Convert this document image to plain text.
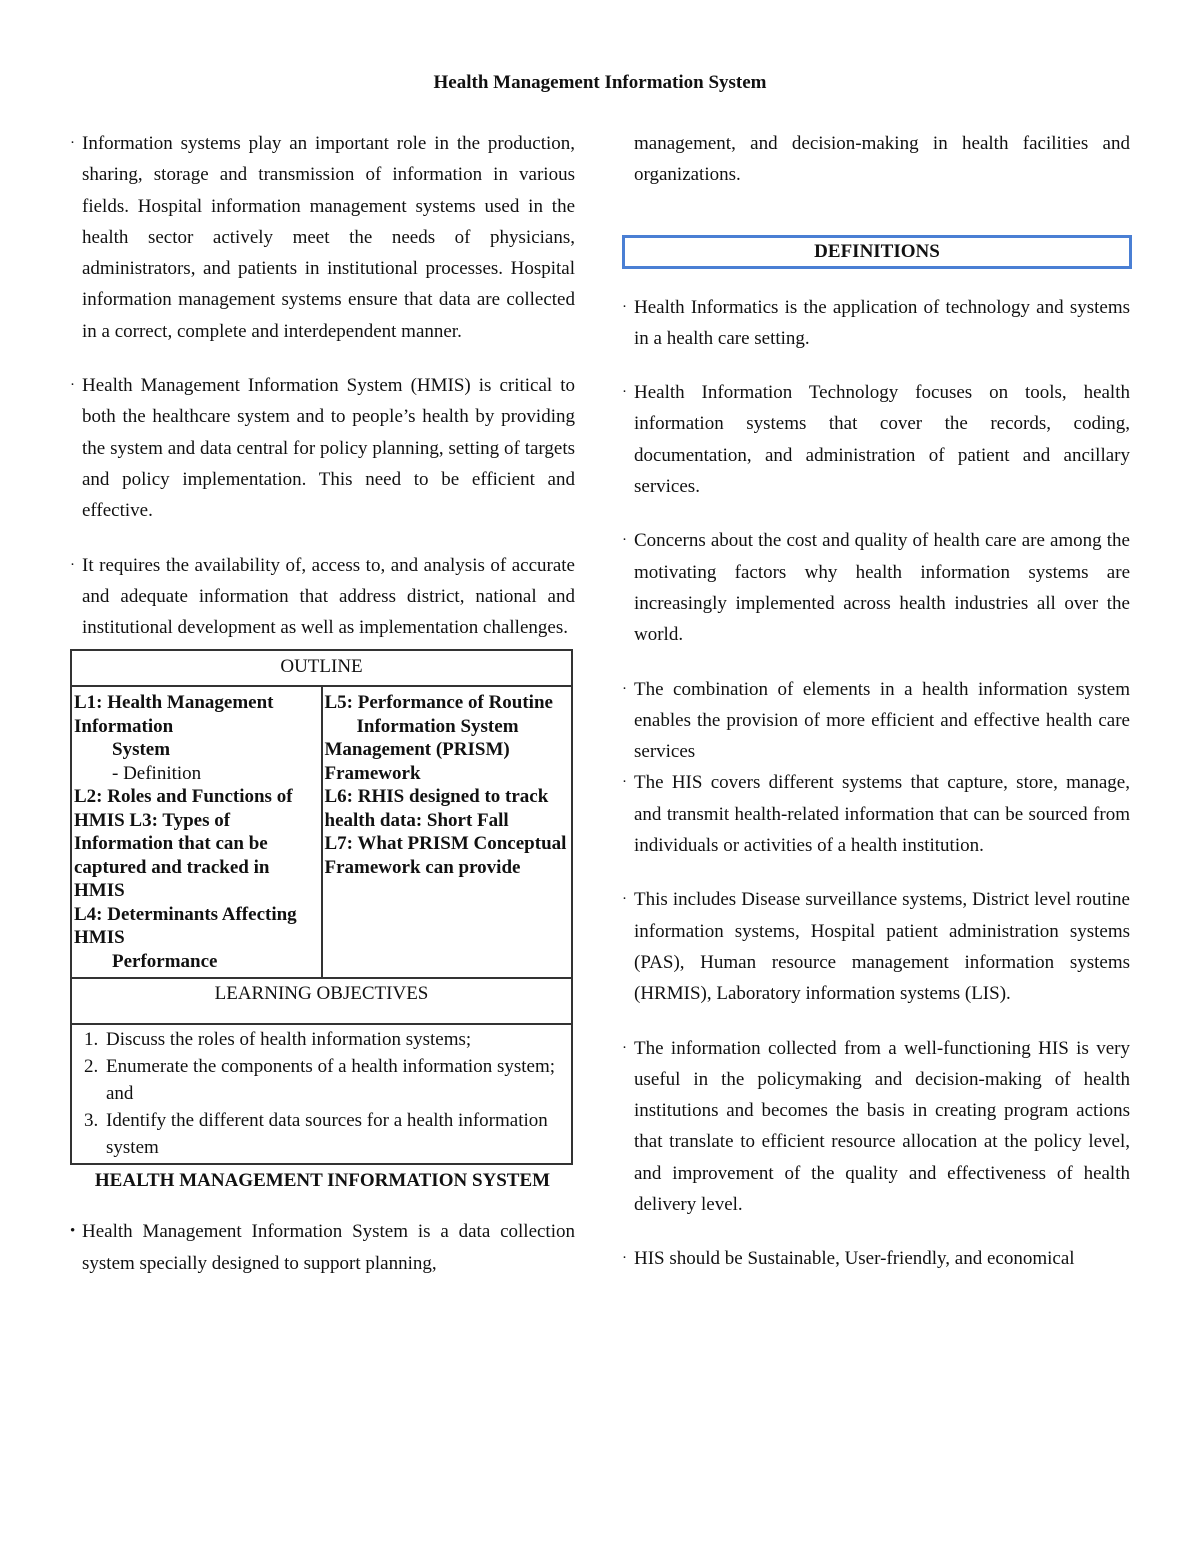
Health Management Information System

· Information systems play an important role in the production, sharing, storage and transmission of information in various fields. Hospital information management systems used in the health sector actively meet the needs of physicians, administrators, and patients in institutional processes. Hospital information management systems ensure that data are collected in a correct, complete and interdependent manner.

· Health Management Information System (HMIS) is critical to both the healthcare system and to people’s health by providing the system and data central for policy planning, setting of targets and policy implementation. This need to be efficient and effective.

· It requires the availability of, access to, and analysis of accurate and adequate information that address district, national and institutional development as well as implementation challenges.

OUTLINE

L1: Health Management Information
System
- Definition
L2: Roles and Functions of HMIS L3: Types of Information that can be captured and tracked in HMIS
L4: Determinants Affecting HMIS
Performance

L5: Performance of Routine
Information System
Management (PRISM) Framework
L6: RHIS designed to track health data: Short Fall
L7: What PRISM Conceptual Framework can provide

LEARNING OBJECTIVES

1. Discuss the roles of health information systems;
2. Enumerate the components of a health information system; and
3. Identify the different data sources for a health information system
HEALTH MANAGEMENT INFORMATION SYSTEM

• Health Management Information System is a data collection system specially designed to support planning,

management, and decision-making in health facilities and organizations.

DEFINITIONS

· Health Informatics is the application of technology and systems in a health care setting.

· Health Information Technology focuses on tools, health information systems that cover the records, coding, documentation, and administration of patient and ancillary services.

· Concerns about the cost and quality of health care are among the motivating factors why health information systems are increasingly implemented across health industries all over the world.

· The combination of elements in a health information system enables the provision of more efficient and effective health care services

· The HIS covers different systems that capture, store, manage, and transmit health-related information that can be sourced from individuals or activities of a health institution.

· This includes Disease surveillance systems, District level routine information systems, Hospital patient administration systems (PAS), Human resource management information systems (HRMIS), Laboratory information systems (LIS).

· The information collected from a well-functioning HIS is very useful in the policymaking and decision-making of health institutions and becomes the basis in creating program actions that translate to efficient resource allocation at the policy level, and improvement of the quality and effectiveness of health delivery level.

· HIS should be Sustainable, User-friendly, and economical
